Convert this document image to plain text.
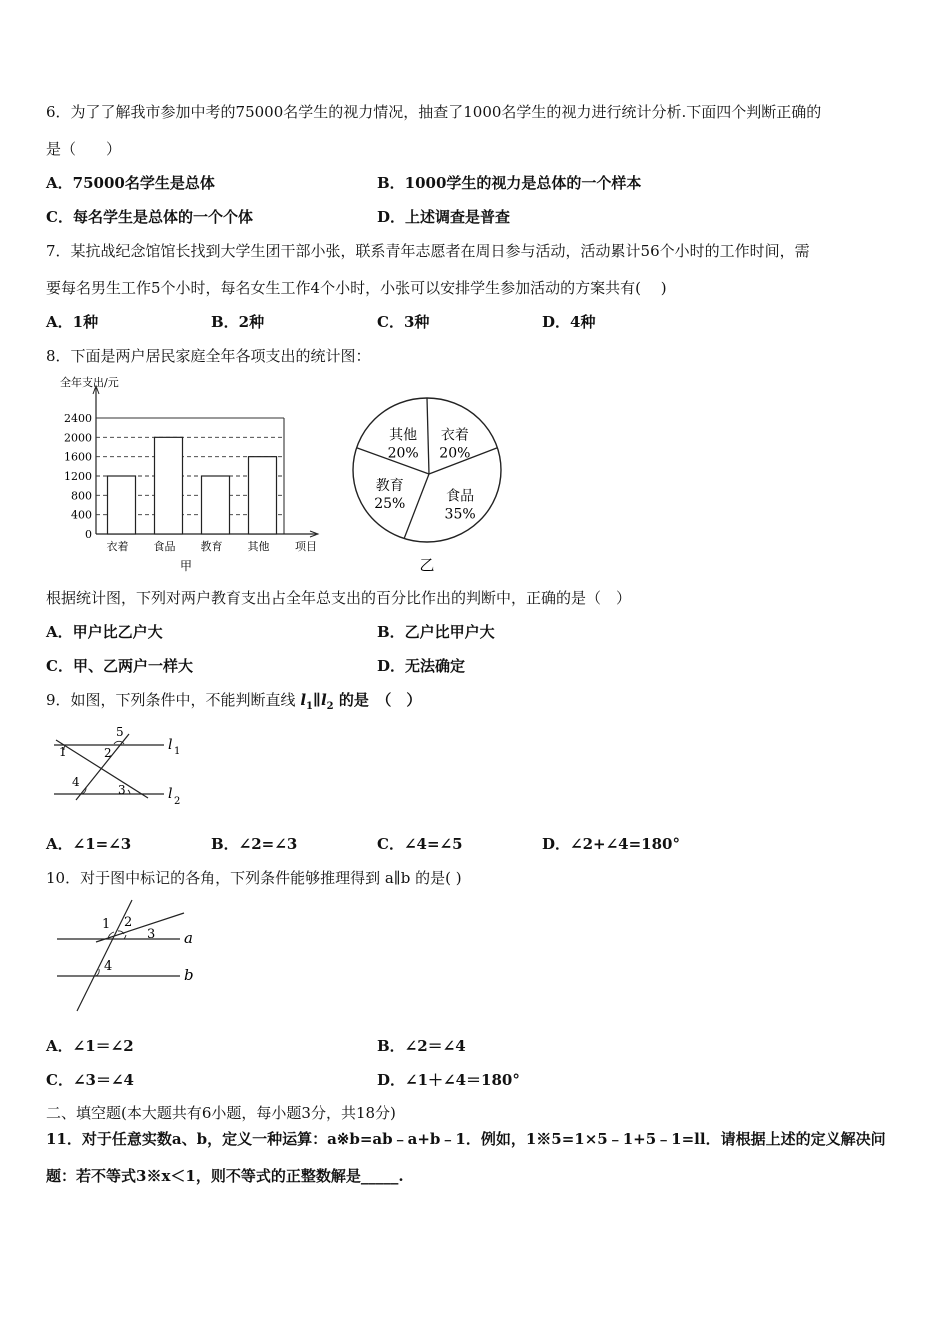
6．为了了解我市参加中考的75000名学生的视力情况，抽查了1000名学生的视力进行统计分析.下面四个判断正确的
是（　　）
A．75000名学生是总体	B．1000学生的视力是总体的一个样本
C．每名学生是总体的一个个体	D．上述调查是普查
7．某抗战纪念馆馆长找到大学生团干部小张，联系青年志愿者在周日参与活动，活动累计56个小时的工作时间，需
要每名男生工作5个小时，每名女生工作4个小时，小张可以安排学生参加活动的方案共有(　 )
A．1种	B．2种	C．3种	D．4种
8．下面是两户居民家庭全年各项支出的统计图：
全年支出/元
0
400
800
1200
1600
2000
2400
衣着 食品 教育 其他 项目
甲
衣着
20%
食品
35%
教育
25%
其他
20%
乙
根据统计图，下列对两户教育支出占全年总支出的百分比作出的判断中，正确的是（　）
A．甲户比乙户大	B．乙户比甲户大
C．甲、乙两户一样大	D．无法确定
9．如图，下列条件中，不能判断直线 $l_1\parallel l_2$ 的是　（　）
1	2
5
4
3
l 1
l 2
A．∠1=∠3	B．∠2=∠3	C．∠4=∠5	D．∠2+∠4=180°
10．对于图中标记的各角，下列条件能够推理得到 a∥b 的是( )
1 2
3
4
a
b
A．∠1＝∠2	B．∠2＝∠4
C．∠3＝∠4	D．∠1＋∠4＝180°
二、填空题(本大题共有6小题，每小题3分，共18分)
11．对于任意实数a、b，定义一种运算：a※b=ab﹣a+b﹣1．例如，1※5=1×5﹣1+5﹣1=ll．请根据上述的定义解决问
题：若不等式3※x＜1，则不等式的正整数解是_____.
